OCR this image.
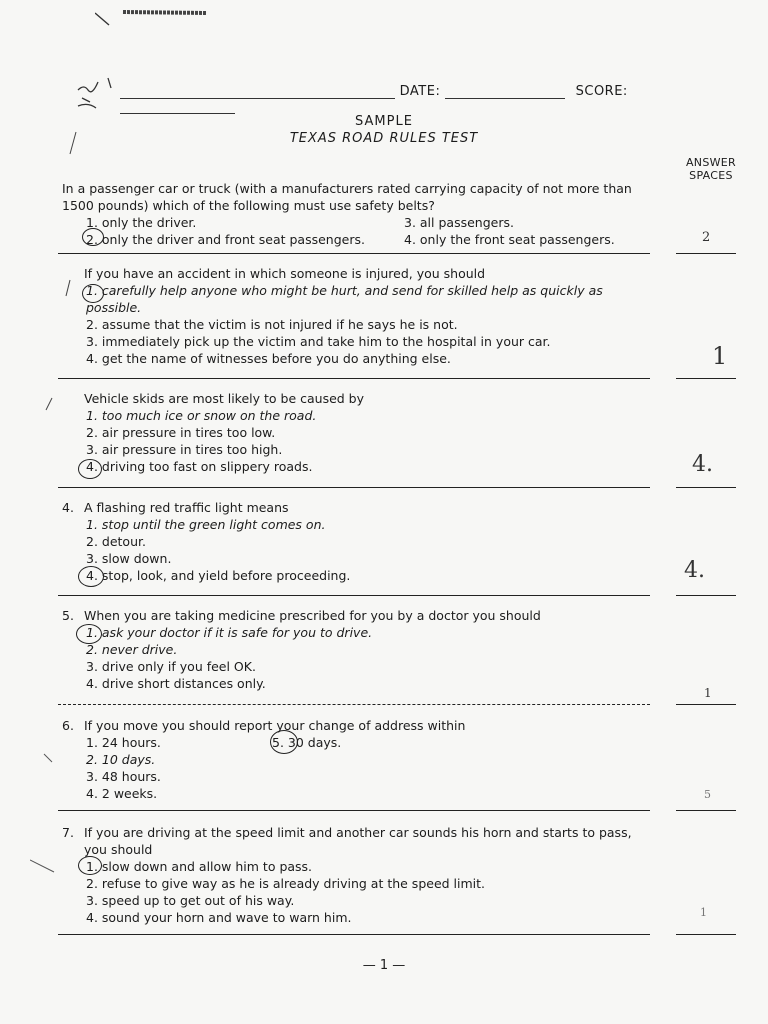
DATE:	SCORE:
SAMPLE
TEXAS ROAD RULES TEST
ANSWER SPACES
In a passenger car or truck (with a manufacturers rated carrying capacity of not more than 1500 pounds) which of the following must use safety belts?
1. only the driver.	3. all passengers.
2. only the driver and front seat passengers.	4. only the front seat passengers.	2
If you have an accident in which someone is injured, you should
1. carefully help anyone who might be hurt, and send for skilled help as quickly as possible.
2. assume that the victim is not injured if he says he is not.
3. immediately pick up the victim and take him to the hospital in your car.
4. get the name of witnesses before you do anything else.	1
Vehicle skids are most likely to be caused by
1. too much ice or snow on the road.
2. air pressure in tires too low.
3. air pressure in tires too high.
4. driving too fast on slippery roads.	4.
4. A flashing red traffic light means
1. stop until the green light comes on.
2. detour.
3. slow down.
4. stop, look, and yield before proceeding.	4.
5. When you are taking medicine prescribed for you by a doctor you should
1. ask your doctor if it is safe for you to drive.
2. never drive.
3. drive only if you feel OK.
4. drive short distances only.
1
6. If you move you should report your change of address within
1. 24 hours.	5. 30 days.
2. 10 days.
3. 48 hours.
4. 2 weeks.	5
7. If you are driving at the speed limit and another car sounds his horn and starts to pass, you should
1. slow down and allow him to pass.
2. refuse to give way as he is already driving at the speed limit.
3. speed up to get out of his way.
4. sound your horn and wave to warn him.	1
— 1 —
